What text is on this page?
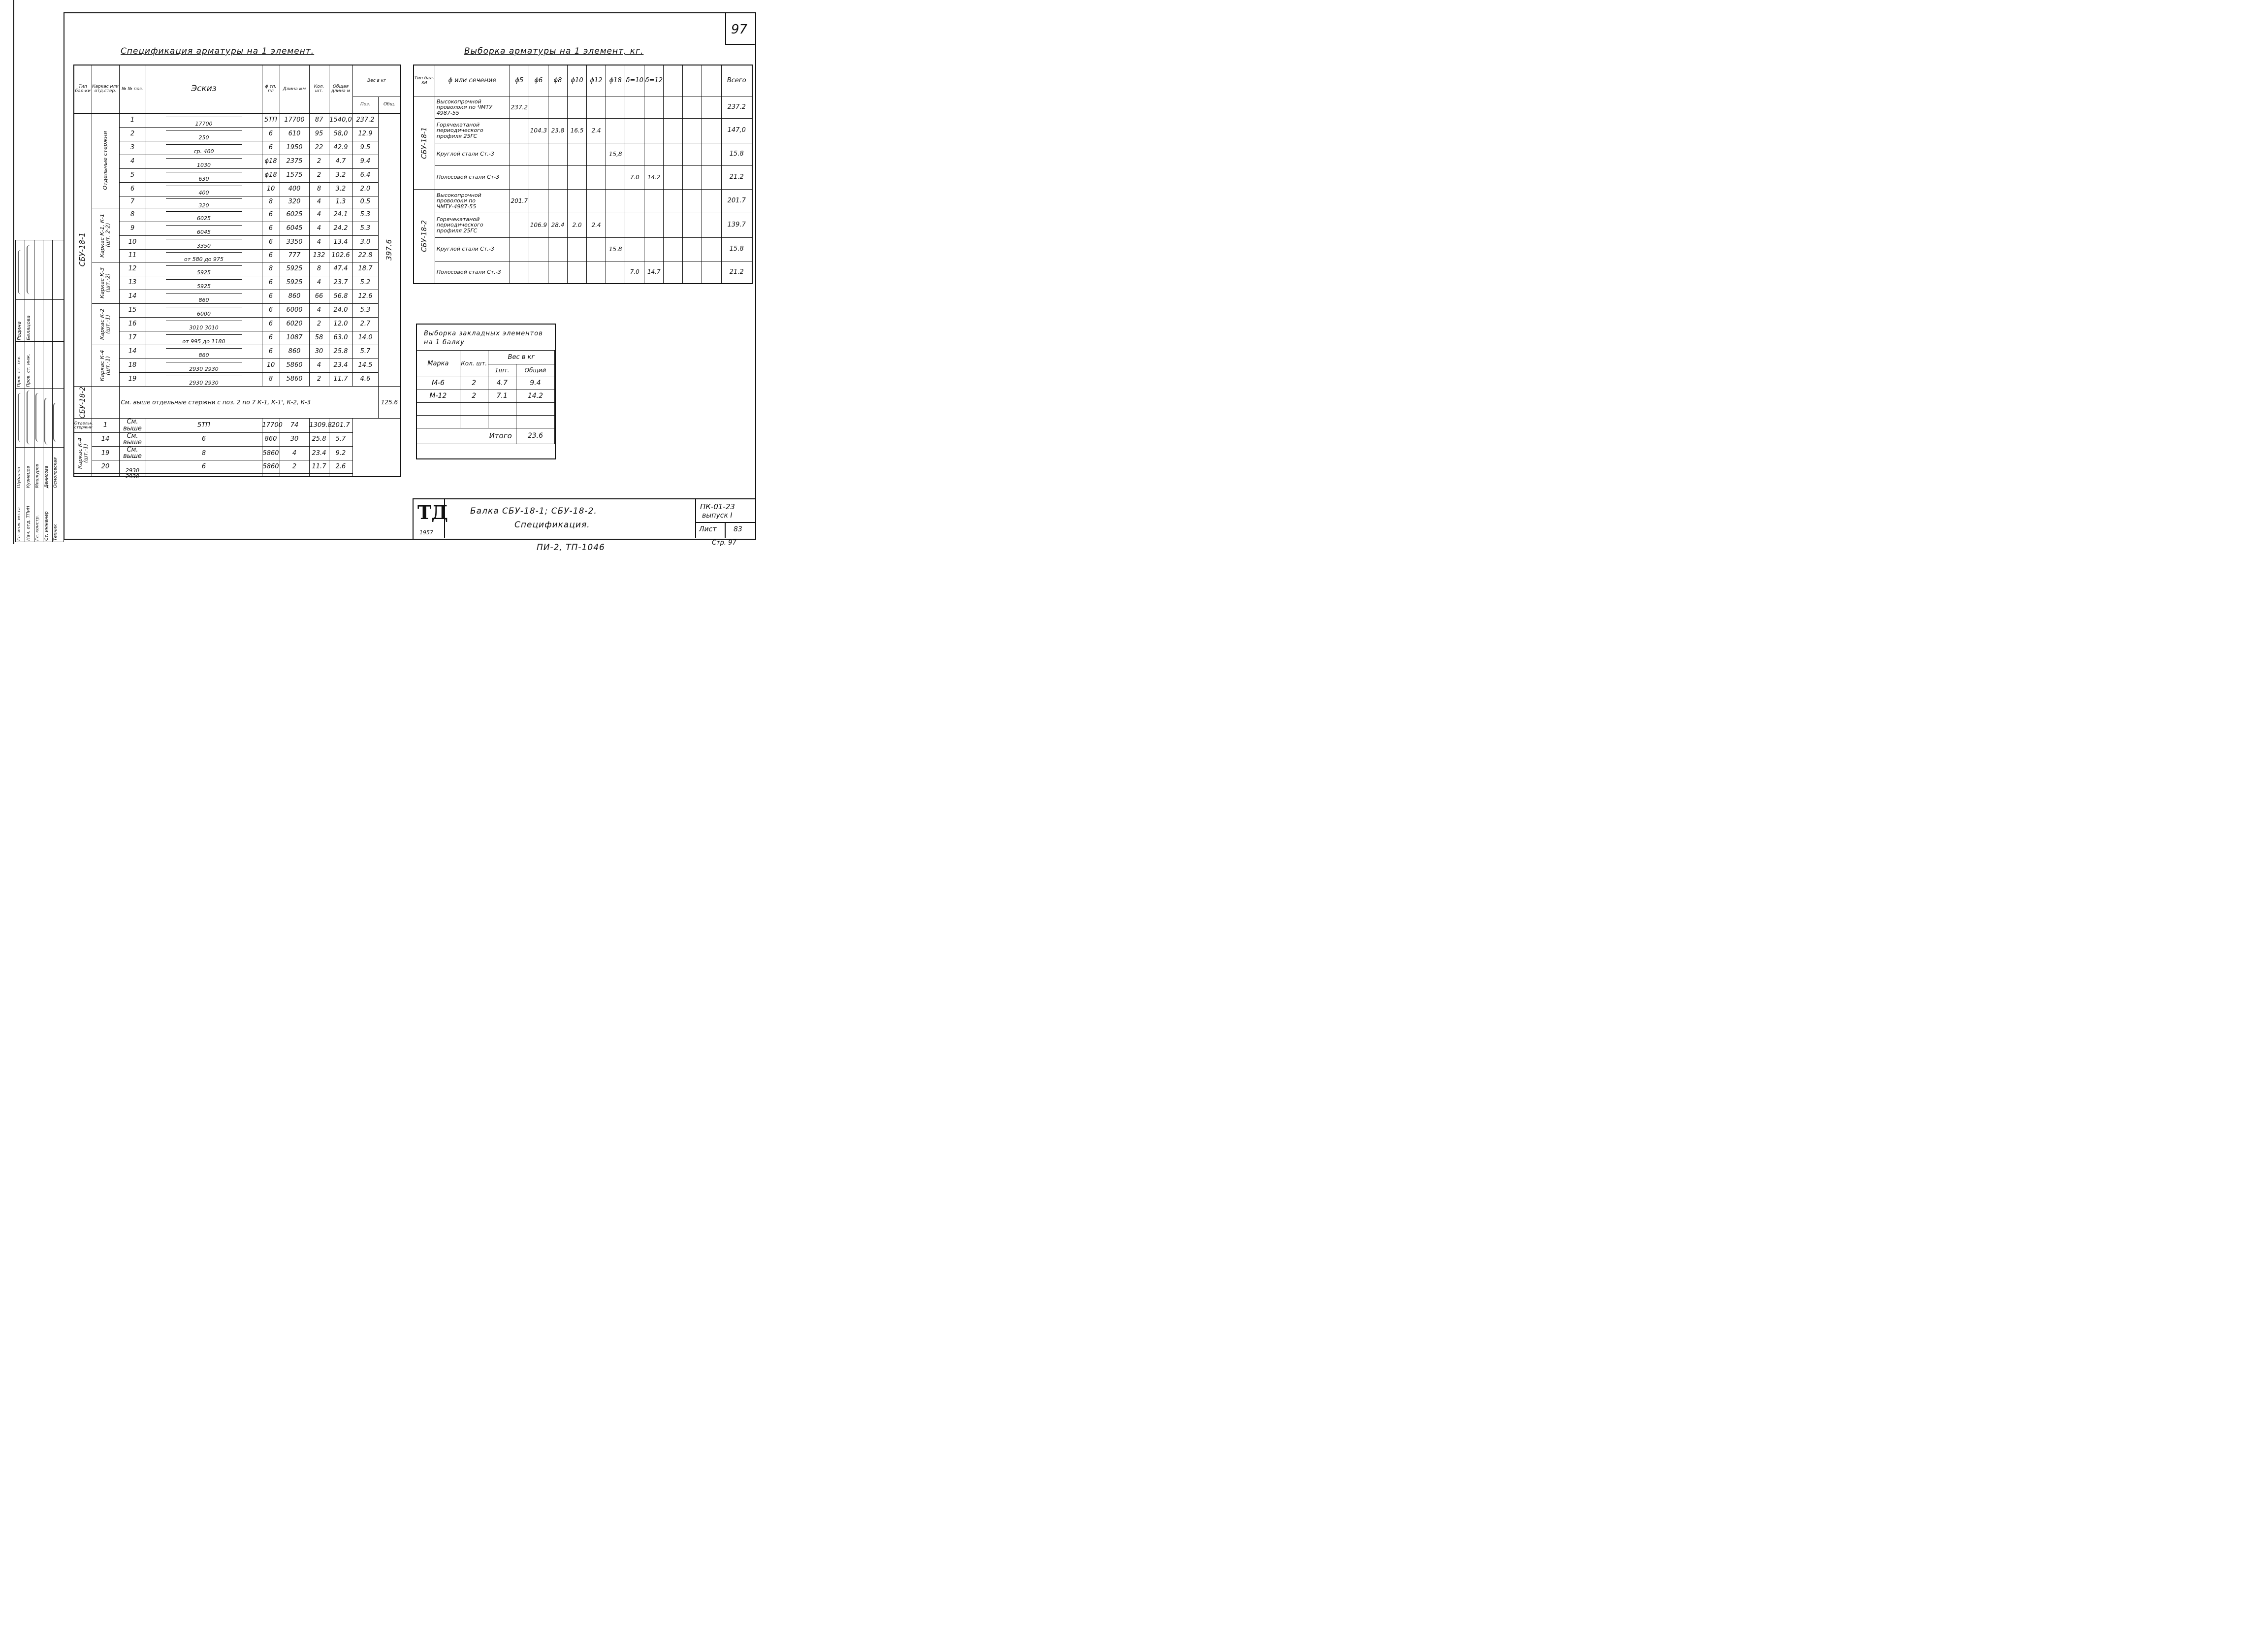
97
Спецификация арматуры на 1 элемент.	Выборка арматуры на 1 элемент, кг.
Тип бал-ки	Каркас или отд.стер.	№ № поз.	Эскиз	ϕ тп, пл	Длина мм	Кол. шт.	Общая длина м	Вес в кг		
								Поз.	Общ.	

СБУ-18-1	Отдельные стержни	1	17700	5ТП	17700	87	1540,0	237.2	397.6	

		2	250	6	610	95	58,0	12.9		
		3	ср. 460	6	1950	22	42.9	9.5		
		4	1030	ϕ18	2375	2	4.7	9.4		
		5	630	ϕ18	1575	2	3.2	6.4		
		6	400	10	400	8	3.2	2.0		
		7	320	8	320	4	1.3	0.5		

	Каркас К-1, К-1' (шт. 2·2)	8	6025	6	6025	4	24.1	5.3		
		9	6045	6	6045	4	24.2	5.3		
		10	3350	6	3350	4	13.4	3.0		
		11	от 580 до 975	6	777	132	102.6	22.8		

	Каркас К-3 (шт.·2)	12	5925	8	5925	8	47.4	18.7		
		13	5925	6	5925	4	23.7	5.2		
		14	860	6	860	66	56.8	12.6		

	Каркас К-2 (шт.·1)	15	6000	6	6000	4	24.0	5.3		
		16	3010 3010	6	6020	2	12.0	2.7		
		17	от 995 до 1180	6	1087	58	63.0	14.0		

	Каркас К-4 (шт.·1)	14	860	6	860	30	25.8	5.7		
		18	2930 2930	10	5860	4	23.4	14.5		
		19	2930 2930	8	5860	2	11.7	4.6		

СБУ-18-2		См. выше отдельные стержни с поз. 2 по 7 К-1, К-1', К-2, К-3							125.6	

Отдельн. стержни	1	См. выше	5ТП	17700	74	1309.8	201.7			

Каркас К-4 (шт.·1)	14	См. выше	6	860	30	25.8	5.7			
	19	См. выше	8	5860	4	23.4	9.2			
	20	2930 2930	6	5860	2	11.7	2.6			

Тип бал-ки	ϕ или сечение	ϕ5	ϕ6	ϕ8	ϕ10	ϕ12	ϕ18	δ=10	δ=12				Всего

СБУ-18-1	Высокопрочной проволоки по ЧМТУ 4987-55	237.2											237.2
	Горячекатаной периодического профиля 25ГС		104.3	23.8	16.5	2.4							147,0
	Круглой стали Ст.-3						15,8						15.8
	Полосовой стали Ст-3							7.0	14.2				21.2

СБУ-18-2	Высокопрочной проволоки по ЧМТУ-4987-55	201.7											201.7
	Горячекатаной периодического профиля 25ГС		106.9	28.4	2.0	2.4							139.7
	Круглой стали Ст.-3						15.8						15.8
	Полосовой стали Ст.-3							7.0	14.7				21.2
Выборка закладных элементов на 1 балку
Марка	Кол. шт.	Вес в кг	
		1шт.	Общий
М-6	2	4.7	9.4
М-12	2	7.1	14.2

Итого			23.6
ТД
1957
Балка СБУ-18-1; СБУ-18-2.
Спецификация.
ПК-01-23
выпуск I
Лист 83
Стр. 97
ПИ-2, ТП-1046
Гл. инж. ин-та Нач. отд. ТПиН Гл. констр. Ст. инженер Техник
Шубалов Кузнецов Мишкуров Денисова Осмоловская
Пров. ст. тех. Пров. ст. инж.
Родина Беляцова
